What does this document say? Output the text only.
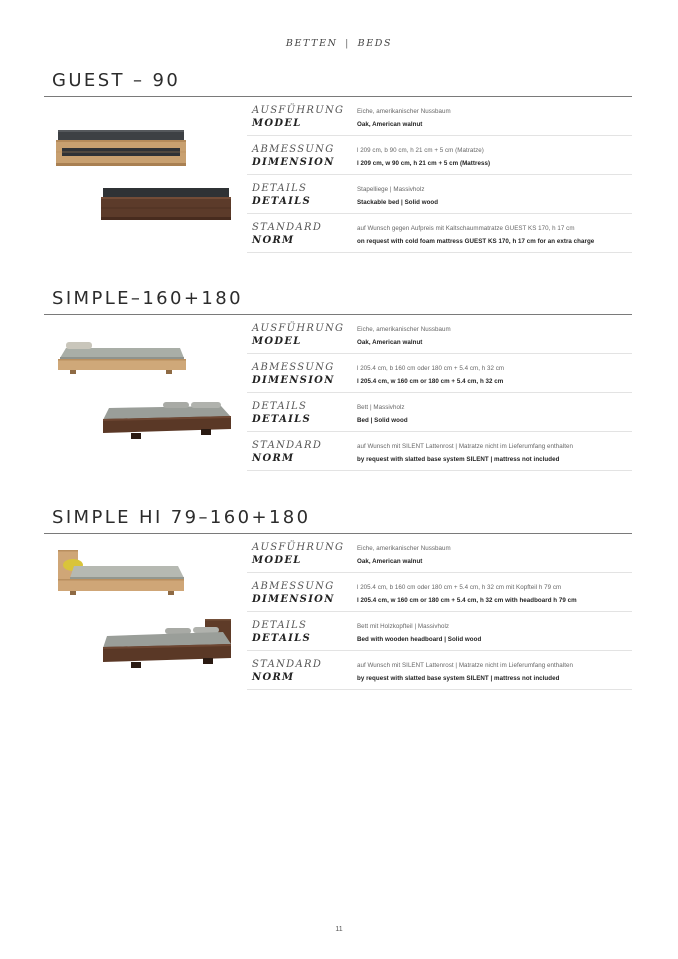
BETTEN | BEDS
GUEST – 90
AUSFÜHRUNG
MODEL
Eiche, amerikanischer Nussbaum
Oak, American walnut
ABMESSUNG
DIMENSION
l 209 cm, b 90 cm, h 21 cm + 5 cm (Matratze)
l 209 cm, w 90 cm, h 21 cm + 5 cm (Mattress)
DETAILS
DETAILS
Stapelliege | Massivholz
Stackable bed | Solid wood
STANDARD
NORM
auf Wunsch gegen Aufpreis mit Kaltschaummatratze GUEST KS 170, h 17 cm
on request with cold foam mattress GUEST KS 170, h 17 cm for an extra charge
SIMPLE–160+180
AUSFÜHRUNG
MODEL
Eiche, amerikanischer Nussbaum
Oak, American walnut
ABMESSUNG
DIMENSION
l 205.4 cm, b 160 cm oder 180 cm + 5.4 cm, h 32 cm
l 205.4 cm, w 160 cm or 180 cm + 5.4 cm, h 32 cm
DETAILS
DETAILS
Bett | Massivholz
Bed | Solid wood
STANDARD
NORM
auf Wunsch mit SILENT Lattenrost | Matratze nicht im Lieferumfang enthalten
by request with slatted base system SILENT | mattress not included
SIMPLE HI 79–160+180
AUSFÜHRUNG
MODEL
Eiche, amerikanischer Nussbaum
Oak, American walnut
ABMESSUNG
DIMENSION
l 205.4 cm, b 160 cm oder 180 cm + 5.4 cm, h 32 cm mit Kopfteil h 79 cm
l 205.4 cm, w 160 cm or 180 cm + 5.4 cm, h 32 cm with headboard h 79 cm
DETAILS
DETAILS
Bett mit Holzkopfteil | Massivholz
Bed with wooden headboard | Solid wood
STANDARD
NORM
auf Wunsch mit SILENT Lattenrost | Matratze nicht im Lieferumfang enthalten
by request with slatted base system SILENT | mattress not included
11
